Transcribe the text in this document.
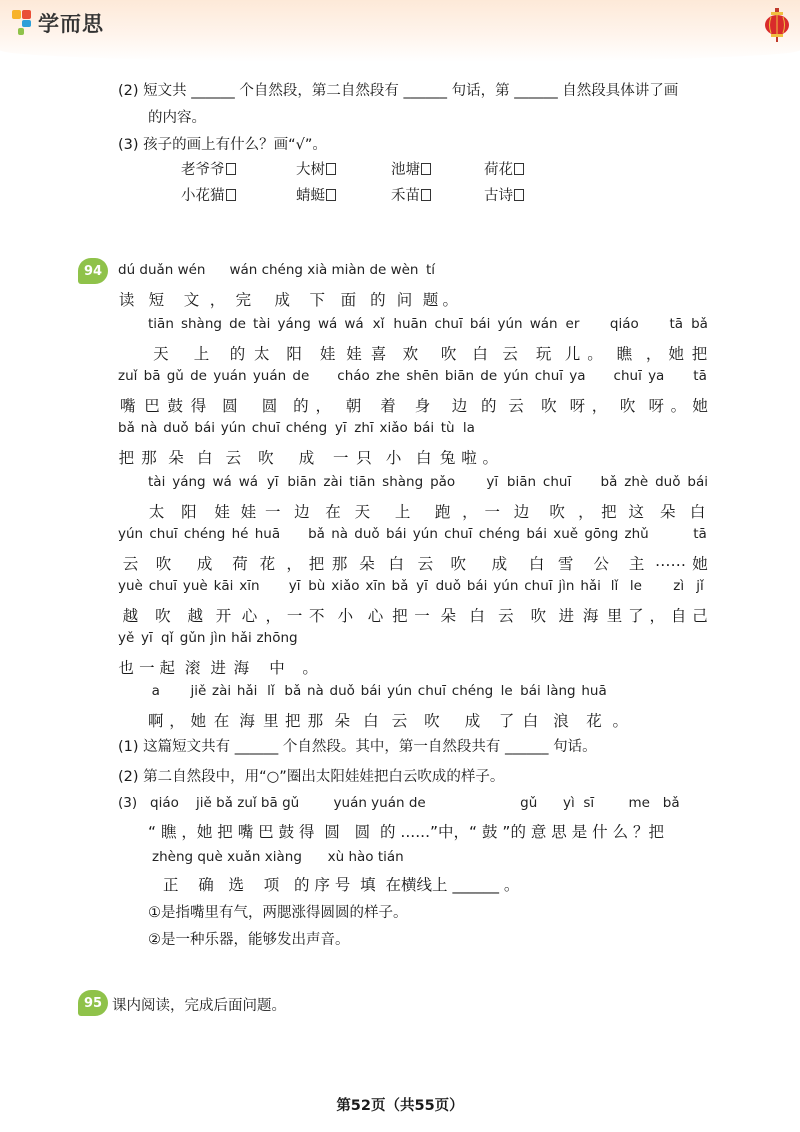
学而思
(2) 短文共 ______ 个自然段，第二自然段有 ______ 句话，第 ______ 自然段具体讲了画
的内容。
(3) 孩子的画上有什么？画“√”。
老爷爷	大树	池塘	荷花
小花猫	蜻蜓	禾苗	古诗
94	dú
读
duǎn
短
wén
文 ，
wán
完
chéng
成
xià
下
miàn
面
de
的
wèn
问
tí
题 。
tiān
天
shàng
上
de
的
tài
太
yáng
阳
wá
娃
wá
娃
xǐ
喜
huān
欢
chuī
吹
bái
白
yún
云
wán
玩
er
儿 。
qiáo
瞧 ，
tā
她
bǎ
把
zuǐ
嘴
bā
巴
gǔ
鼓
de
得
yuán
圆
yuán
圆
de
的 ，
cháo
朝
zhe
着
shēn
身
biān
边
de
的
yún
云
chuī
吹
ya
呀 ，
chuī
吹
ya
呀 。
tā
她
bǎ
把
nà
那
duǒ
朵
bái
白
yún
云
chuī
吹
chéng
成
yī
一
zhī
只
xiǎo
小
bái
白
tù
兔
la
啦 。
tài
太
yáng
阳
wá
娃
wá
娃
yī
一
biān
边
zài
在
tiān
天
shàng
上
pǎo
跑 ，
yī
一
biān
边
chuī
吹 ，
bǎ
把
zhè
这
duǒ
朵
bái
白
yún
云
chuī
吹
chéng
成
hé
荷
huā
花 ，
bǎ
把
nà
那
duǒ
朵
bái
白
yún
云
chuī
吹
chéng
成
bái
白
xuě
雪
gōng
公
zhǔ
主 ……
tā
她
yuè
越
chuī
吹
yuè
越
kāi
开
xīn
心 ，
yī
一
bù
不
xiǎo
小
xīn
心
bǎ
把
yī
一
duǒ
朵
bái
白
yún
云
chuī
吹
jìn
进
hǎi
海
lǐ
里
le
了 ，
zì
自
jǐ
己
yě
也
yī
一
qǐ
起
gǔn
滚
jìn
进
hǎi
海
zhōng
中	。
a
啊 ，
jiě
她
zài
在
hǎi
海
lǐ
里
bǎ
把
nà
那
duǒ
朵
bái
白
yún
云
chuī
吹
chéng
成
le
了
bái
白
làng
浪
huā
花 。
(1) 这篇短文共有 ______ 个自然段。其中，第一自然段共有 ______ 句话。
(2) 第二自然段中，用“○”圈出太阳娃娃把白云吹成的样子。
(3)   qiáo    jiě bǎ zuǐ bā gǔ        yuán yuán de                      gǔ      yì  sī        me   bǎ
“ 瞧 ，她 把 嘴 巴 鼓 得  圆   圆  的 ......”中，“ 鼓 ”的 意 思 是 什 么 ？把
zhèng què xuǎn xiàng      xù hào tián
正    确   选    项   的 序 号  填  在横线上 ______ 。
①是指嘴里有气，两腮涨得圆圆的样子。
②是一种乐器，能够发出声音。
95 课内阅读，完成后面问题。
第52页（共55页）
